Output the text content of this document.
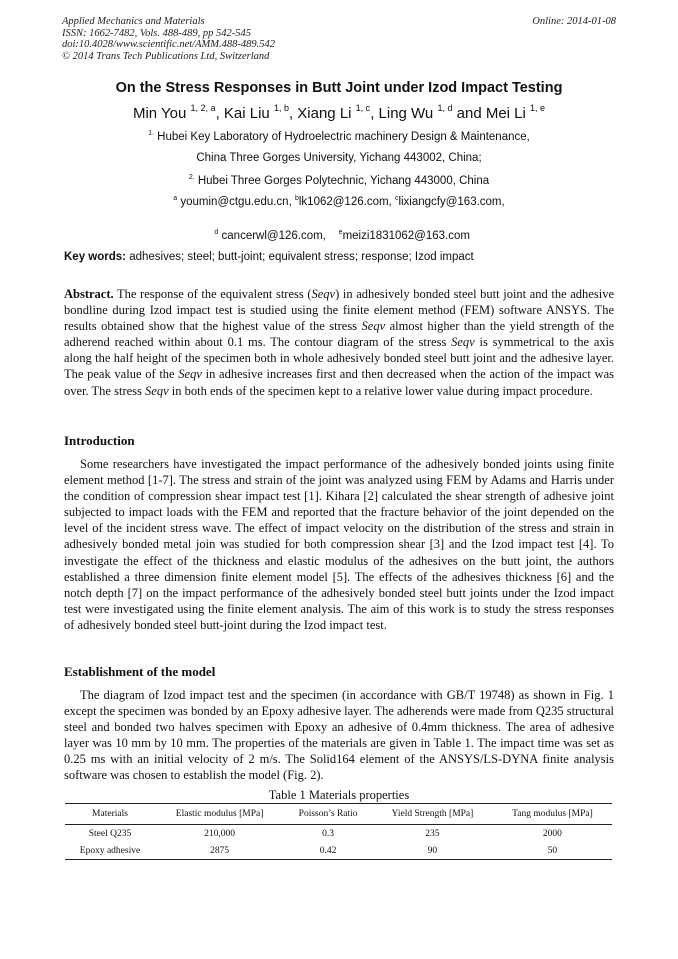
Applied Mechanics and Materials
ISSN: 1662-7482, Vols. 488-489, pp 542-545
doi:10.4028/www.scientific.net/AMM.488-489.542
© 2014 Trans Tech Publications Ltd, Switzerland
Online: 2014-01-08
On the Stress Responses in Butt Joint under Izod Impact Testing
Min You $^{1, 2, a}$, Kai Liu $^{1, b}$, Xiang Li $^{1, c}$, Ling Wu $^{1, d}$ and Mei Li $^{1, e}$
$^{1.}$ Hubei Key Laboratory of Hydroelectric machinery Design & Maintenance,
China Three Gorges University, Yichang 443002, China;
$^{2.}$ Hubei Three Gorges Polytechnic, Yichang 443000, China
$^a$ youmin@ctgu.edu.cn, $^b$lk1062@126.com, $^c$lixiangcfy@163.com,

$^d$ cancerwl@126.com,    $^e$meizi1831062@163.com

Key words: adhesives; steel; butt-joint; equivalent stress; response; Izod impact

Abstract. The response of the equivalent stress (Seqv) in adhesively bonded steel butt joint and the adhesive bondline during Izod impact test is studied using the finite element method (FEM) software ANSYS. The results obtained show that the highest value of the stress Seqv almost higher than the yield strength of the adherend reached within about 0.1 ms. The contour diagram of the stress Seqv is symmetrical to the axis along the half height of the specimen both in whole adhesively bonded steel butt joint and the adhesive layer. The peak value of the Seqv in adhesive increases first and then decreased when the action of the impact was over. The stress Seqv in both ends of the specimen kept to a relative lower value during impact procedure.

Introduction

Some researchers have investigated the impact performance of the adhesively bonded joints using finite element method [1-7]. The stress and strain of the joint was analyzed using FEM by Adams and Harris under the condition of compression shear impact test [1]. Kihara [2] calculated the shear strength of adhesive joint subjected to impact loads with the FEM and reported that the fracture behavior of the joint depended on the level of the incident stress wave. The effect of impact velocity on the distribution of the stress and strain in adhesively bonded metal join was studied for both compression shear [3] and the Izod impact test [4]. To investigate the effect of the thickness and elastic modulus of the adhesives on the butt joint, the authors established a three dimension finite element model [5]. The effects of the adhesives thickness [6] and the notch depth [7] on the impact performance of the adhesively bonded steel butt joints under the Izod impact test were investigated using the finite element analysis. The aim of this work is to study the stress responses of adhesively bonded steel butt-joint during the Izod impact test.

Establishment of the model

The diagram of Izod impact test and the specimen (in accordance with GB/T 19748) as shown in Fig. 1 except the specimen was bonded by an Epoxy adhesive layer. The adherends were made from Q235 structural steel and bonded two halves specimen with Epoxy an adhesive of 0.4mm thickness. The area of adhesive layer was 10 mm by 10 mm. The properties of the materials are given in Table 1. The impact time was set as 0.25 ms with an initial velocity of 2 m/s. The Solid164 element of the ANSYS/LS-DYNA finite analysis software was chosen to establish the model (Fig. 2).

Table 1 Materials properties
Materials	Elastic modulus [MPa]	Poisson’s Ratio	Yield Strength [MPa]	Tang modulus [MPa]
Steel Q235	210,000	0.3	235	2000
Epoxy adhesive	2875	0.42	90	50
